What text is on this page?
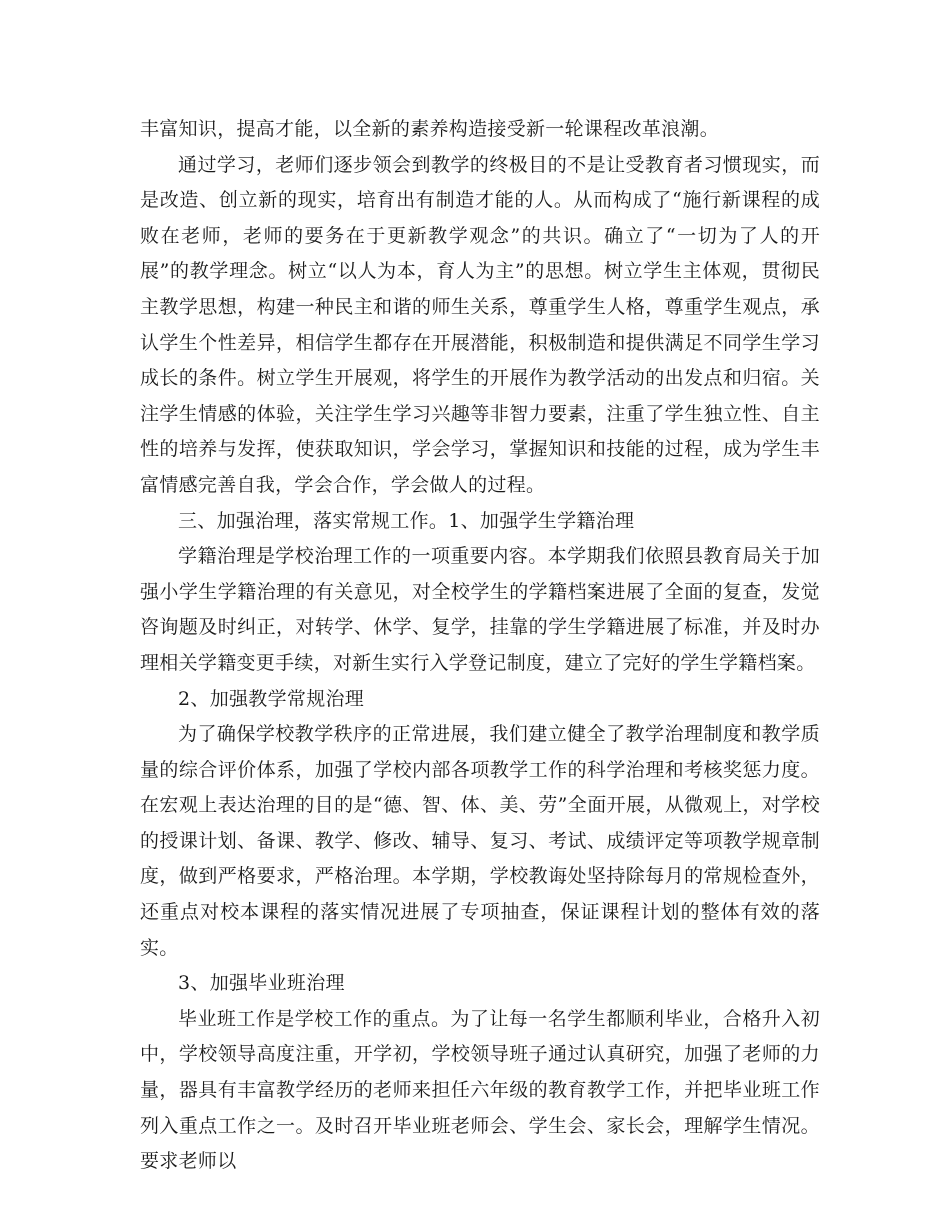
丰富知识，提高才能，以全新的素养构造接受新一轮课程改革浪潮。

通过学习，老师们逐步领会到教学的终极目的不是让受教育者习惯现实，而是改造、创立新的现实，培育出有制造才能的人。从而构成了“施行新课程的成败在老师，老师的要务在于更新教学观念”的共识。确立了“一切为了人的开展”的教学理念。树立“以人为本，育人为主”的思想。树立学生主体观，贯彻民主教学思想，构建一种民主和谐的师生关系，尊重学生人格，尊重学生观点，承认学生个性差异，相信学生都存在开展潜能，积极制造和提供满足不同学生学习成长的条件。树立学生开展观，将学生的开展作为教学活动的出发点和归宿。关注学生情感的体验，关注学生学习兴趣等非智力要素，注重了学生独立性、自主性的培养与发挥，使获取知识，学会学习，掌握知识和技能的过程，成为学生丰富情感完善自我，学会合作，学会做人的过程。

三、加强治理，落实常规工作。1、加强学生学籍治理

学籍治理是学校治理工作的一项重要内容。本学期我们依照县教育局关于加强小学生学籍治理的有关意见，对全校学生的学籍档案进展了全面的复查，发觉咨询题及时纠正，对转学、休学、复学，挂靠的学生学籍进展了标准，并及时办理相关学籍变更手续，对新生实行入学登记制度，建立了完好的学生学籍档案。

2、加强教学常规治理

为了确保学校教学秩序的正常进展，我们建立健全了教学治理制度和教学质量的综合评价体系，加强了学校内部各项教学工作的科学治理和考核奖惩力度。在宏观上表达治理的目的是“德、智、体、美、劳”全面开展，从微观上，对学校的授课计划、备课、教学、修改、辅导、复习、考试、成绩评定等项教学规章制度，做到严格要求，严格治理。本学期，学校教诲处坚持除每月的常规检查外，还重点对校本课程的落实情况进展了专项抽查，保证课程计划的整体有效的落实。

3、加强毕业班治理

毕业班工作是学校工作的重点。为了让每一名学生都顺利毕业，合格升入初中，学校领导高度注重，开学初，学校领导班子通过认真研究，加强了老师的力量，器具有丰富教学经历的老师来担任六年级的教育教学工作，并把毕业班工作列入重点工作之一。及时召开毕业班老师会、学生会、家长会，理解学生情况。要求老师以
